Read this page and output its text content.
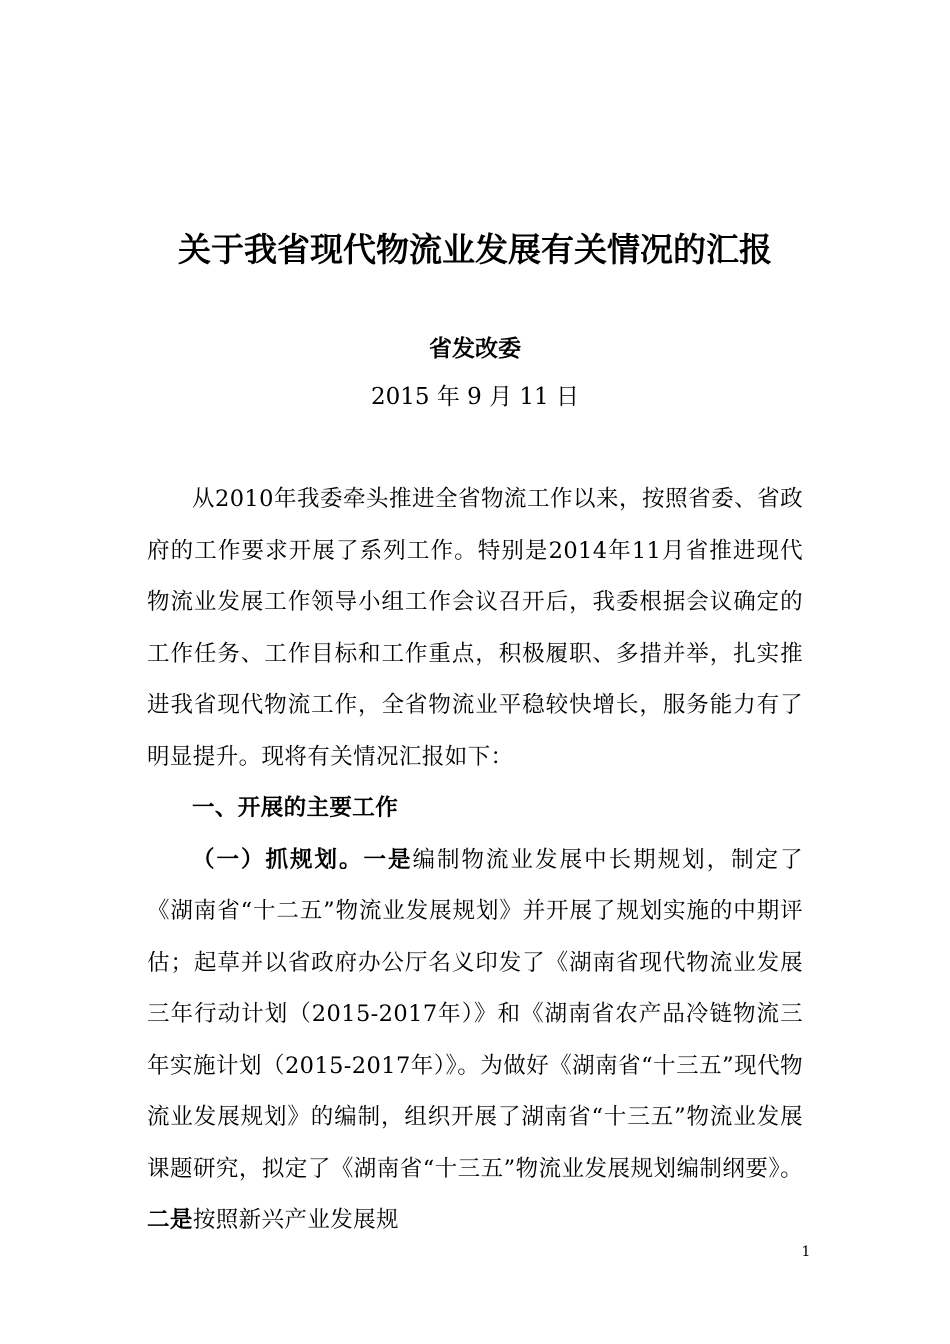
关于我省现代物流业发展有关情况的汇报
省发改委
2015 年 9 月 11 日

从2010年我委牵头推进全省物流工作以来，按照省委、省政府的工作要求开展了系列工作。特别是2014年11月省推进现代物流业发展工作领导小组工作会议召开后，我委根据会议确定的工作任务、工作目标和工作重点，积极履职、多措并举，扎实推进我省现代物流工作，全省物流业平稳较快增长，服务能力有了明显提升。现将有关情况汇报如下：

一、开展的主要工作

（一）抓规划。一是编制物流业发展中长期规划，制定了《湖南省“十二五”物流业发展规划》并开展了规划实施的中期评估；起草并以省政府办公厅名义印发了《湖南省现代物流业发展三年行动计划（2015-2017年）》和《湖南省农产品冷链物流三年实施计划（2015-2017年）》。为做好《湖南省“十三五”现代物流业发展规划》的编制，组织开展了湖南省“十三五”物流业发展课题研究，拟定了《湖南省“十三五”物流业发展规划编制纲要》。二是按照新兴产业发展规

1
